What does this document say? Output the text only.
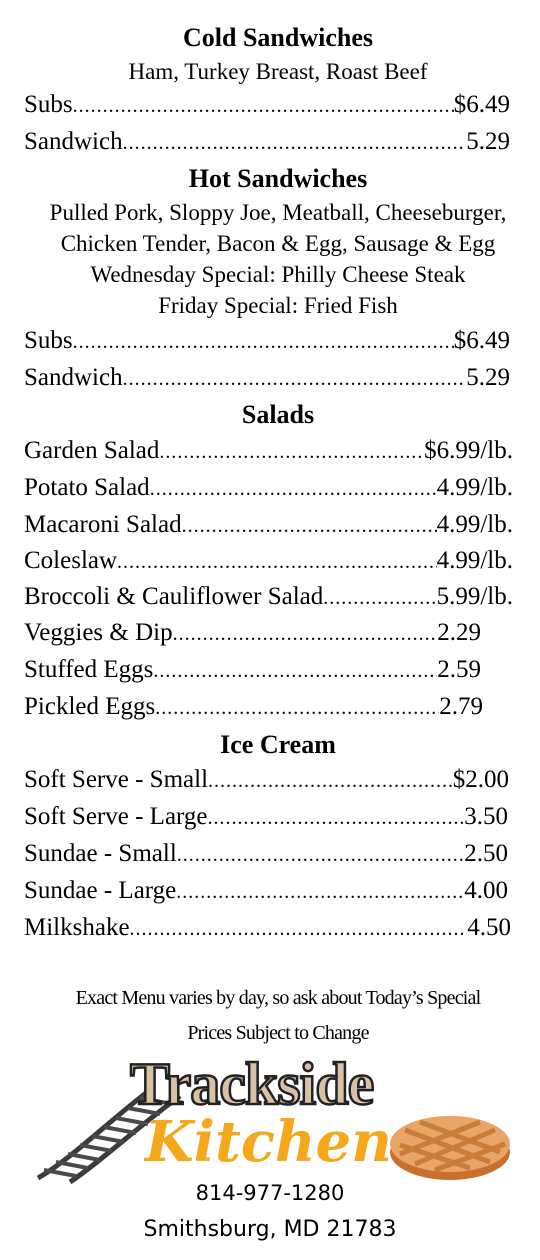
Cold Sandwiches
Ham, Turkey Breast, Roast Beef
Subs .....	$6.49
Sandwich .....	5.29
Hot Sandwiches
Pulled Pork, Sloppy Joe, Meatball, Cheeseburger,
Chicken Tender, Bacon & Egg, Sausage & Egg
Wednesday Special: Philly Cheese Steak
Friday Special: Fried Fish
Subs .....	$6.49
Sandwich .....	5.29
Salads
Garden Salad .....	$6.99/lb.
Potato Salad .....	4.99/lb.
Macaroni Salad .....	4.99/lb.
Coleslaw .....	4.99/lb.
Broccoli & Cauliflower Salad .....	5.99/lb.
Veggies & Dip .....	2.29
Stuffed Eggs .....	2.59
Pickled Eggs .....	2.79
Ice Cream
Soft Serve - Small .....	$2.00
Soft Serve - Large .....	3.50
Sundae - Small .....	2.50
Sundae - Large .....	4.00
Milkshake .....	4.50
Exact Menu varies by day, so ask about Today’s Special
Prices Subject to Change
Trackside
Kitchen
814-977-1280
Smithsburg, MD 21783
